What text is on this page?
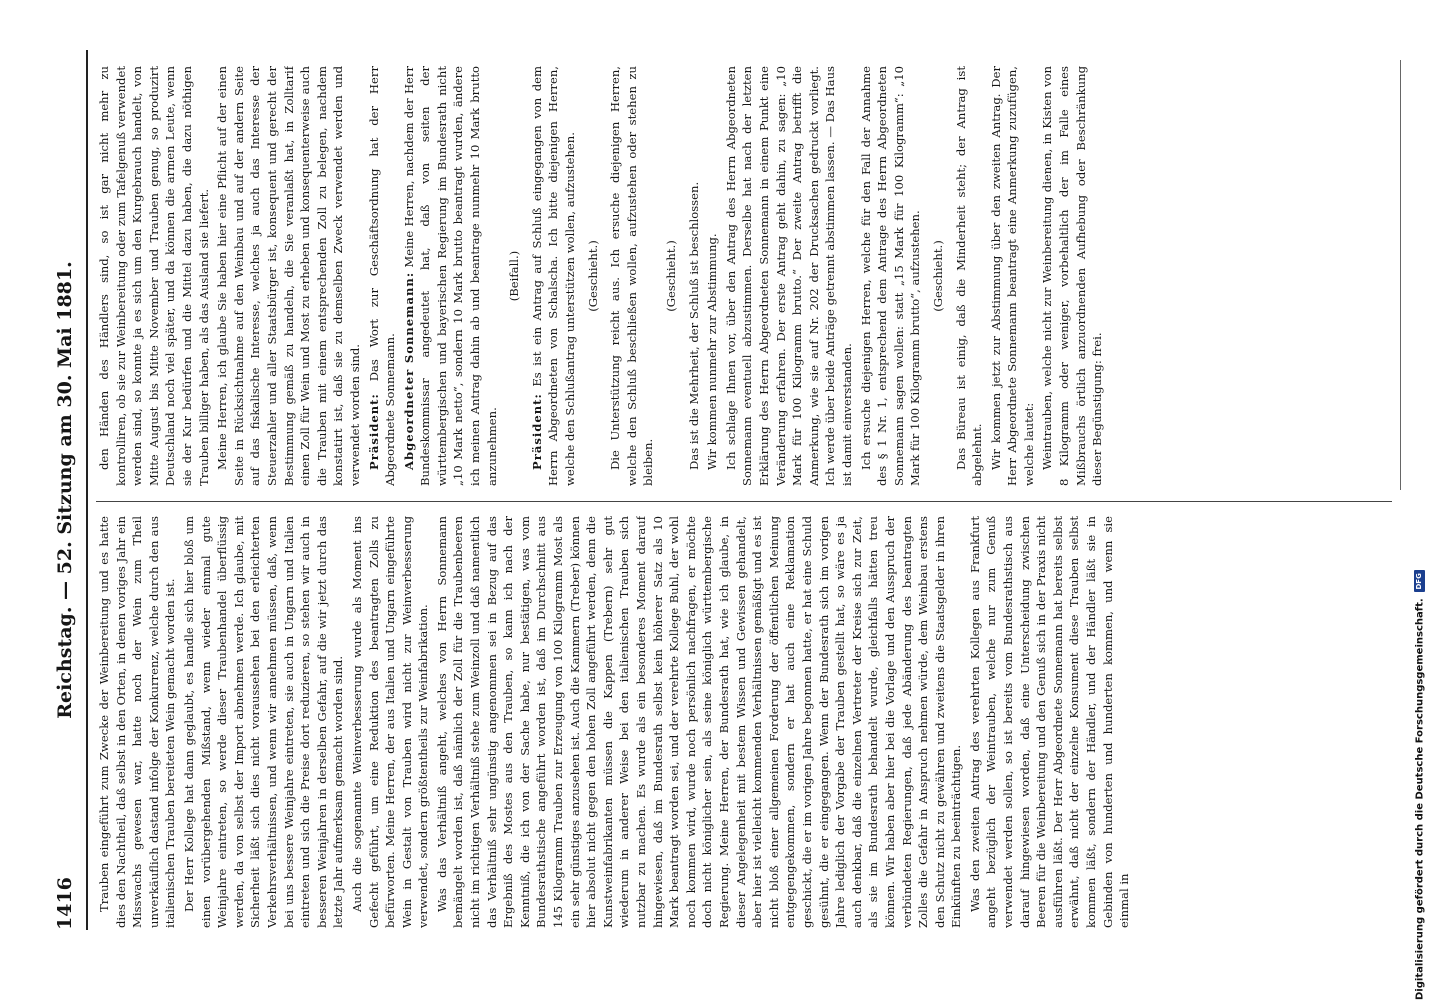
1416
Reichstag. — 52. Sitzung am 30. Mai 1881. Trauben eingeführt zum Zwecke der Weinbereitung und es hatte dies den Nachtheil, daß selbst in den Orten, in denen voriges Jahr ein Misswachs gewesen war, hatte noch der Wein zum Theil unverkäuflich dastand infolge der Konkurrenz, welche durch den aus italienischen Trauben bereiteten Wein gemacht worden ist. Der Herr Kollege hat dann geglaubt, es handle sich hier bloß um einen vorübergehenden Mißstand, wenn wieder einmal gute Weinjahre eintreten, so werde dieser Traubenhandel überflüssig werden, da von selbst der Import abnehmen werde. Ich glaube, mit Sicherheit läßt sich dies nicht voraussehen bei den erleichterten Verkehrsverhältnissen, und wenn wir annehmen müssen, daß, wenn bei uns bessere Weinjahre eintreten, sie auch in Ungarn und Italien eintreten und sich die Preise dort reduzieren, so stehen wir auch in besseren Weinjahren in derselben Gefahr, auf die wir jetzt durch das letzte Jahr aufmerksam gemacht worden sind. Auch die sogenannte Weinverbesserung wurde als Moment ins Gefecht geführt, um eine Reduktion des beantragten Zolls zu befürworten. Meine Herren, der aus Italien und Ungarn eingeführte Wein in Gestalt von Trauben wird nicht zur Weinverbesserung verwendet, sondern größtentheils zur Weinfabrikation. Was das Verhältniß angeht, welches von Herrn Sonnemann bemängelt worden ist, daß nämlich der Zoll für die Traubenbeeren nicht im richtigen Verhältniß stehe zum Weinzoll und daß namentlich das Verhältniß sehr ungünstig angenommen sei in Bezug auf das Ergebniß des Mostes aus den Trauben, so kann ich nach der Kenntniß, die ich von der Sache habe, nur bestätigen, was vom Bundesrathstische angeführt worden ist, daß im Durchschnitt aus 145 Kilogramm Trauben zur Erzeugung von 100 Kilogramm Most als ein sehr günstiges anzusehen ist. Auch die Kammern (Treber) können hier absolut nicht gegen den hohen Zoll angeführt werden, denn die Kunstweinfabrikanten müssen die Kappen (Trebern) sehr gut wiederum in anderer Weise bei den italienischen Trauben sich nutzbar zu machen. Es wurde als ein besonderes Moment darauf hingewiesen, daß im Bundesrath selbst kein höherer Satz als 10 Mark beantragt worden sei, und der verehrte Kollege Buhl, der wohl noch kommen wird, wurde noch persönlich nachfragen, er möchte doch nicht königlicher sein, als seine königlich württembergische Regierung. Meine Herren, der Bundesrath hat, wie ich glaube, in dieser Angelegenheit mit bestem Wissen und Gewissen gehandelt, aber hier ist vielleicht kommenden Verhältnissen gemäßigt und es ist nicht bloß einer allgemeinen Forderung der öffentlichen Meinung entgegengekommen, sondern er hat auch eine Reklamation geschickt, die er im vorigen Jahre begonnen hatte, er hat eine Schuld gesühnt, die er eingegangen. Wenn der Bundesrath sich im vorigen Jahre lediglich der Vorgabe der Trauben gestellt hat, so wäre es ja auch denkbar, daß die einzelnen Vertreter der Kreise sich zur Zeit, als sie im Bundesrath behandelt wurde, gleichfalls hätten treu können. Wir haben aber hier bei die Vorlage und den Ausspruch der verbündeten Regierungen, daß jede Abänderung des beantragten Zolles die Gefahr in Anspruch nehmen würde, dem Weinbau erstens den Schutz nicht zu gewähren und zweitens die Staatsgelder in ihren Einkünften zu beeinträchtigen. Was den zweiten Antrag des verehrten Kollegen aus Frankfurt angeht bezüglich der Weintrauben, welche nur zum Genuß verwendet werden sollen, so ist bereits vom Bundesrathstisch aus darauf hingewiesen worden, daß eine Unterscheidung zwischen Beeren für die Weinbereitung und den Genuß sich in der Praxis nicht ausführen läßt. Der Herr Abgeordnete Sonnemann hat bereits selbst erwähnt, daß nicht der einzelne Konsument diese Trauben selbst kommen läßt, sondern der Händler, und der Händler läßt sie in Gebinden von hunderten und hunderten kommen, und wenn sie einmal in

den Händen des Händlers sind, so ist gar nicht mehr zu kontrolliren, ob sie zur Weinbereitung oder zum Tafelgenuß verwendet werden sind, so konnte ja es sich um den Kurgebrauch handelt, von Mitte August bis Mitte November und Trauben genug, so produzirt Deutschland noch viel später, und da können die armen Leute, wenn sie der Kur bedürfen und die Mittel dazu haben, die dazu nöthigen Trauben billiger haben, als das Ausland sie liefert. Meine Herren, ich glaube Sie haben hier eine Pflicht auf der einen Seite in Rücksichtnahme auf den Weinbau und auf der andern Seite auf das fiskalische Interesse, welches ja auch das Interesse der Steuerzahler und aller Staatsbürger ist, konsequent und gerecht der Bestimmung gemäß zu handeln, die Sie veranlaßt hat, in Zolltarif einen Zoll für Wein und Most zu erheben und konsequenterweise auch die Trauben mit einem entsprechenden Zoll zu belegen, nachdem konstatirt ist, daß sie zu demselben Zweck verwendet werden und verwendet worden sind. Präsident: Das Wort zur Geschäftsordnung hat der Herr Abgeordnete Sonnemann. Abgeordneter Sonnemann: Meine Herren, nachdem der Herr Bundeskommissar angedeutet hat, daß von seiten der württembergischen und bayerischen Regierung im Bundesrath nicht „10 Mark netto“, sondern 10 Mark brutto beantragt wurden, ändere ich meinen Antrag dahin ab und beantrage nunmehr 10 Mark brutto anzunehmen.

(Beifall.)

Präsident: Es ist ein Antrag auf Schluß eingegangen von dem Herrn Abgeordneten von Schalscha. Ich bitte diejenigen Herren, welche den Schlußantrag unterstützen wollen, aufzustehen. (Geschieht.) Die Unterstützung reicht aus. Ich ersuche diejenigen Herren, welche den Schluß beschließen wollen, aufzustehen oder stehen zu bleiben.

(Geschieht.) Das ist die Mehrheit, der Schluß ist beschlossen. Wir kommen nunmehr zur Abstimmung. Ich schlage Ihnen vor, über den Antrag des Herrn Abgeordneten Sonnemann eventuell abzustimmen. Derselbe hat nach der letzten Erklärung des Herrn Abgeordneten Sonnemann in einem Punkt eine Veränderung erfahren. Der erste Antrag geht dahin, zu sagen: „10 Mark für 100 Kilogramm brutto.“ Der zweite Antrag betrifft die Anmerkung, wie sie auf Nr. 202 der Drucksachen gedruckt vorliegt. Ich werde über beide Anträge getrennt abstimmen lassen. — Das Haus ist damit einverstanden. Ich ersuche diejenigen Herren, welche für den Fall der Annahme des § 1 Nr. 1, entsprechend dem Antrage des Herrn Abgeordneten Sonnemann sagen wollen: statt „15 Mark für 100 Kilogramm“: „10 Mark für 100 Kilogramm brutto“, aufzustehen. (Geschieht.) Das Büreau ist einig, daß die Minderheit steht; der Antrag ist abgelehnt. Wir kommen jetzt zur Abstimmung über den zweiten Antrag. Der Herr Abgeordnete Sonnemann beantragt eine Anmerkung zuzufügen, welche lautet: Weintrauben, welche nicht zur Weinbereitung dienen, in Kisten von 8 Kilogramm oder weniger, vorbehaltlich der im Falle eines Mißbrauchs örtlich anzuordnenden Aufhebung oder Beschränkung dieser Begünstigung: frei.

Digitalisierung gefördert durch die Deutsche Forschungsgemeinschaft.DFG
